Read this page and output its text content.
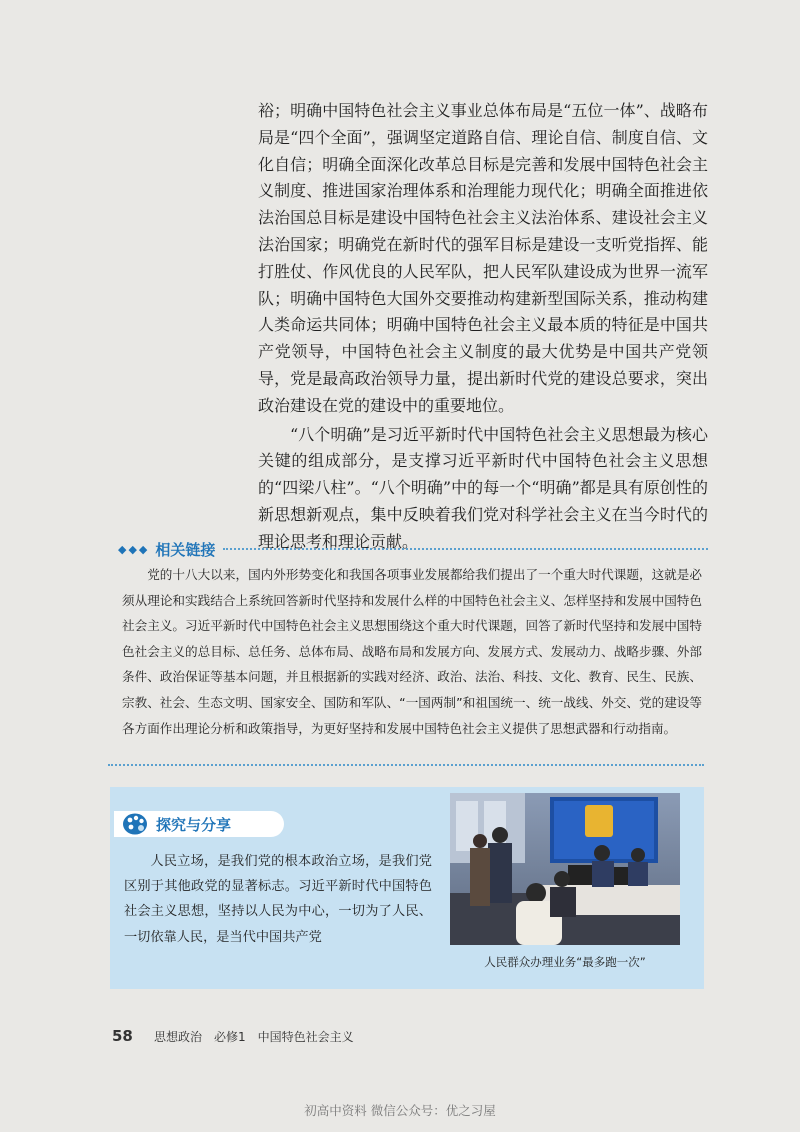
裕；明确中国特色社会主义事业总体布局是“五位一体”、战略布局是“四个全面”，强调坚定道路自信、理论自信、制度自信、文化自信；明确全面深化改革总目标是完善和发展中国特色社会主义制度、推进国家治理体系和治理能力现代化；明确全面推进依法治国总目标是建设中国特色社会主义法治体系、建设社会主义法治国家；明确党在新时代的强军目标是建设一支听党指挥、能打胜仗、作风优良的人民军队，把人民军队建设成为世界一流军队；明确中国特色大国外交要推动构建新型国际关系，推动构建人类命运共同体；明确中国特色社会主义最本质的特征是中国共产党领导，中国特色社会主义制度的最大优势是中国共产党领导，党是最高政治领导力量，提出新时代党的建设总要求，突出政治建设在党的建设中的重要地位。

“八个明确”是习近平新时代中国特色社会主义思想最为核心关键的组成部分，是支撑习近平新时代中国特色社会主义思想的“四梁八柱”。“八个明确”中的每一个“明确”都是具有原创性的新思想新观点，集中反映着我们党对科学社会主义在当今时代的理论思考和理论贡献。

◆◆◆ 相关链接
党的十八大以来，国内外形势变化和我国各项事业发展都给我们提出了一个重大时代课题，这就是必须从理论和实践结合上系统回答新时代坚持和发展什么样的中国特色社会主义、怎样坚持和发展中国特色社会主义。习近平新时代中国特色社会主义思想围绕这个重大时代课题，回答了新时代坚持和发展中国特色社会主义的总目标、总任务、总体布局、战略布局和发展方向、发展方式、发展动力、战略步骤、外部条件、政治保证等基本问题，并且根据新的实践对经济、政治、法治、科技、文化、教育、民生、民族、宗教、社会、生态文明、国家安全、国防和军队、“一国两制”和祖国统一、统一战线、外交、党的建设等各方面作出理论分析和政策指导，为更好坚持和发展中国特色社会主义提供了思想武器和行动指南。
探究与分享
人民立场，是我们党的根本政治立场，是我们党区别于其他政党的显著标志。习近平新时代中国特色社会主义思想，坚持以人民为中心，一切为了人民、一切依靠人民，是当代中国共产党
人民群众办理业务“最多跑一次”
58	思想政治　必修1　中国特色社会主义
初高中资料 微信公众号：优之习屋
